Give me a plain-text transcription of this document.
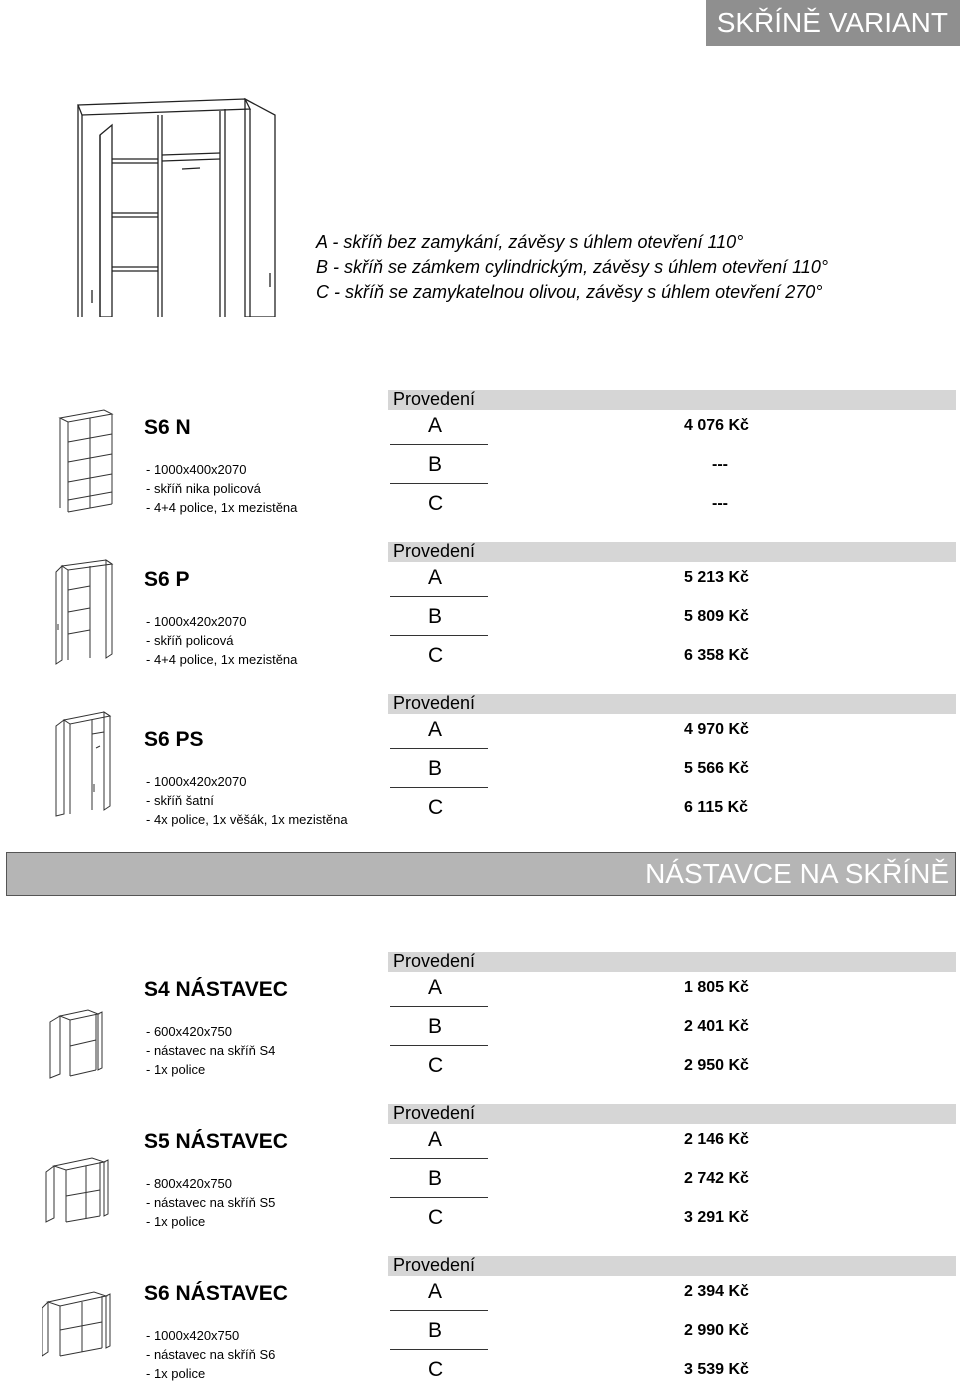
SKŘÍNĚ VARIANT
A - skříň bez zamykání, závěsy s úhlem otevření 110°
B - skříň se zámkem cylindrickým, závěsy s úhlem otevření 110°
C - skříň se zamykatelnou olivou, závěsy s úhlem otevření 270°
NÁSTAVCE NA SKŘÍNĚ
S6 N
- 1000x400x2070
- skříň nika policová
- 4+4 police, 1x mezistěna
Provedení
A	4 076 Kč
B	---
C	---
S6 P
- 1000x420x2070
- skříň policová
- 4+4 police, 1x mezistěna
Provedení
A	5 213 Kč
B	5 809 Kč
C	6 358 Kč
S6 PS
- 1000x420x2070
- skříň šatní
- 4x police, 1x věšák, 1x mezistěna
Provedení
A	4 970 Kč
B	5 566 Kč
C	6 115 Kč
S4 NÁSTAVEC
- 600x420x750
- nástavec na skříň S4
- 1x police
Provedení
A	1 805 Kč
B	2 401 Kč
C	2 950 Kč
S5 NÁSTAVEC
- 800x420x750
- nástavec na skříň S5
- 1x police
Provedení
A	2 146 Kč
B	2 742 Kč
C	3 291 Kč
S6 NÁSTAVEC
- 1000x420x750
- nástavec na skříň S6
- 1x police
Provedení
A	2 394 Kč
B	2 990 Kč
C	3 539 Kč
